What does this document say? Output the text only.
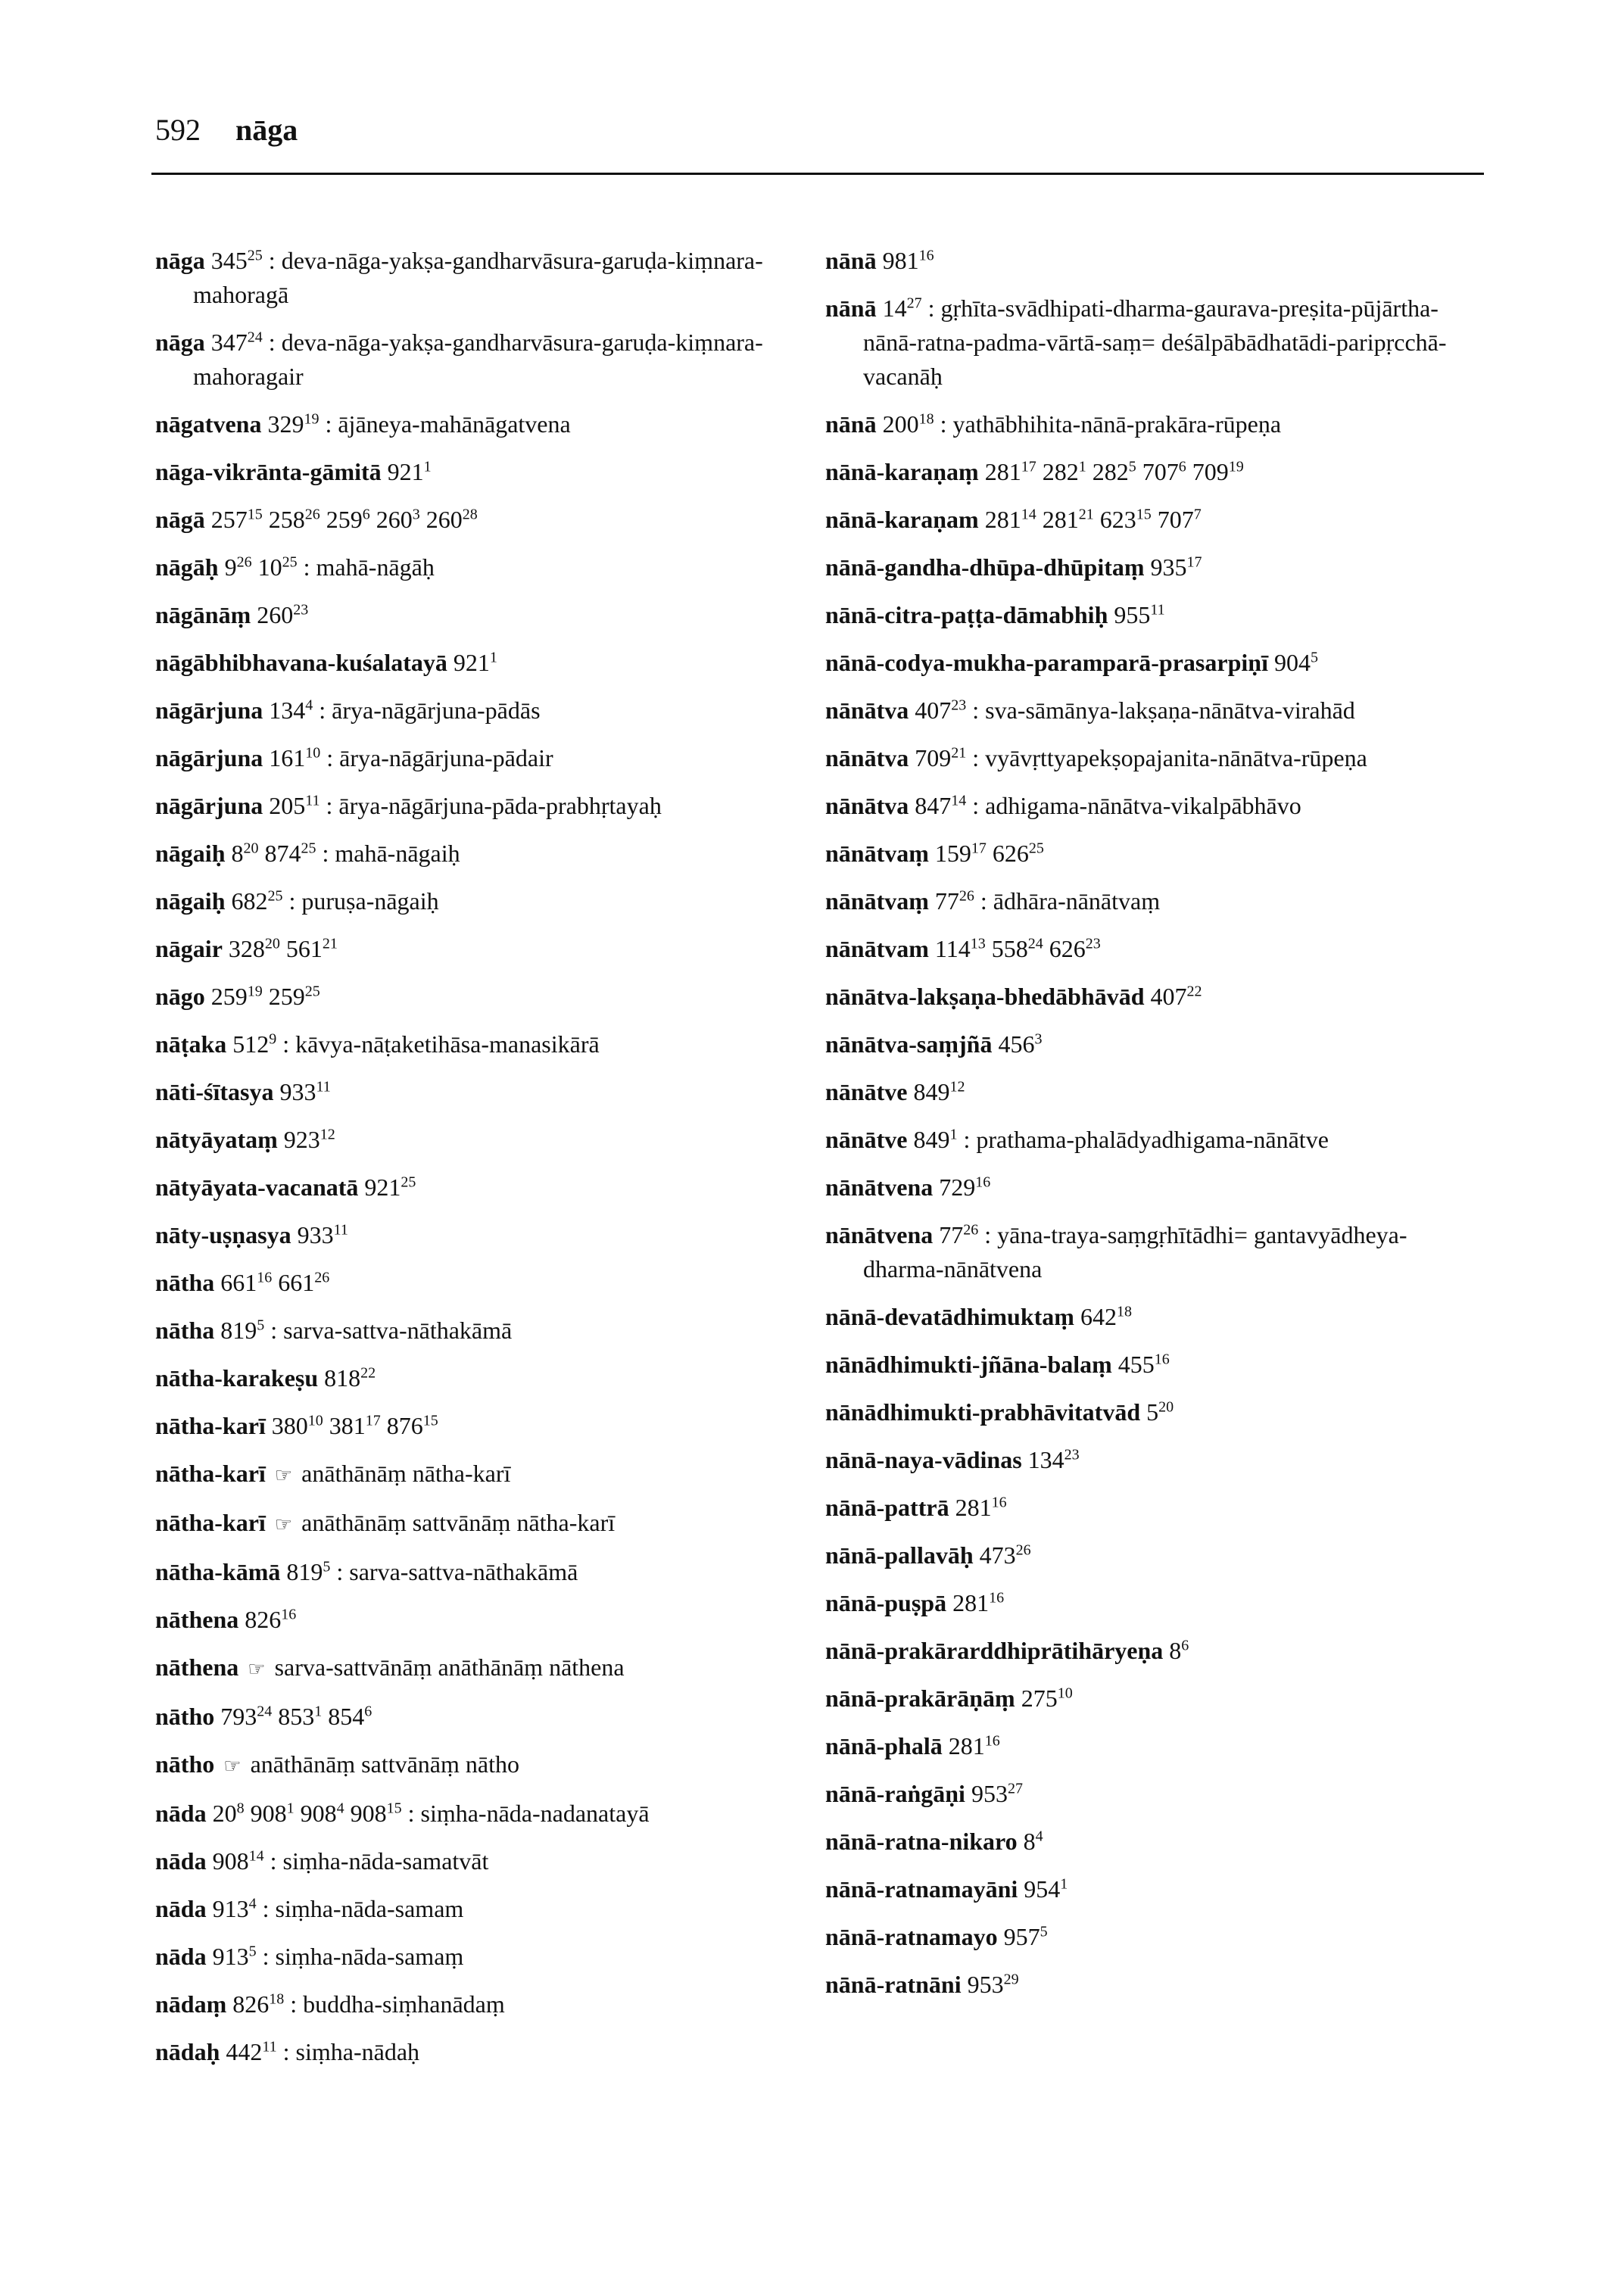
592 nāga
nāga $345^{25}$ : deva-nāga-yakṣa-gandharvāsura-garuḍa-kiṃnara-mahoragā
nāga $347^{24}$ : deva-nāga-yakṣa-gandharvāsura-garuḍa-kiṃnara-mahoragair
nāgatvena $329^{19}$ : ājāneya-mahānāgatvena
nāga-vikrānta-gāmitā $921^1$
nāgā $257^{15}$ $258^{26}$ $259^6$ $260^3$ $260^{28}$
nāgāḥ $9^{26}$ $10^{25}$ : mahā-nāgāḥ
nāgānāṃ $260^{23}$
nāgābhibhavana-kuśalatayā $921^1$
nāgārjuna $134^4$ : ārya-nāgārjuna-pādās
nāgārjuna $161^{10}$ : ārya-nāgārjuna-pādair
nāgārjuna $205^{11}$ : ārya-nāgārjuna-pāda-prabhṛtayaḥ
nāgaiḥ $8^{20}$ $874^{25}$ : mahā-nāgaiḥ
nāgaiḥ $682^{25}$ : puruṣa-nāgaiḥ
nāgair $328^{20}$ $561^{21}$
nāgo $259^{19}$ $259^{25}$
nāṭaka $512^9$ : kāvya-nāṭaketihāsa-manasikārā
nāti-śītasya $933^{11}$
nātyāyataṃ $923^{12}$
nātyāyata-vacanatā $921^{25}$
nāty-uṣṇasya $933^{11}$
nātha $661^{16}$ $661^{26}$
nātha $819^5$ : sarva-sattva-nāthakāmā
nātha-karakeṣu $818^{22}$
nātha-karī $380^{10}$ $381^{17}$ $876^{15}$
nātha-karī ☞ anāthānāṃ nātha-karī
nātha-karī ☞ anāthānāṃ sattvānāṃ nātha-karī
nātha-kāmā $819^5$ : sarva-sattva-nāthakāmā
nāthena $826^{16}$
nāthena ☞ sarva-sattvānāṃ anāthānāṃ nāthena
nātho $793^{24}$ $853^1$ $854^6$
nātho ☞ anāthānāṃ sattvānāṃ nātho
nāda $20^8$ $908^1$ $908^4$ $908^{15}$ : siṃha-nāda-nadanatayā
nāda $908^{14}$ : siṃha-nāda-samatvāt
nāda $913^4$ : siṃha-nāda-samam
nāda $913^5$ : siṃha-nāda-samaṃ
nādaṃ $826^{18}$ : buddha-siṃhanādaṃ
nādaḥ $442^{11}$ : siṃha-nādaḥ
nānā $981^{16}$
nānā $14^{27}$ : gṛhīta-svādhipati-dharma-gaurava-preṣita-pūjārtha-nānā-ratna-padma-vārtā-saṃ= deśālpābādhatādi-paripṛcchā-vacanāḥ
nānā $200^{18}$ : yathābhihita-nānā-prakāra-rūpeṇa
nānā-karaṇaṃ $281^{17}$ $282^1$ $282^5$ $707^6$ $709^{19}$
nānā-karaṇam $281^{14}$ $281^{21}$ $623^{15}$ $707^7$
nānā-gandha-dhūpa-dhūpitaṃ $935^{17}$
nānā-citra-paṭṭa-dāmabhiḥ $955^{11}$
nānā-codya-mukha-paramparā-prasarpiṇī $904^5$
nānātva $407^{23}$ : sva-sāmānya-lakṣaṇa-nānātva-virahād
nānātva $709^{21}$ : vyāvṛttyapekṣopajanita-nānātva-rūpeṇa
nānātva $847^{14}$ : adhigama-nānātva-vikalpābhāvo
nānātvaṃ $159^{17}$ $626^{25}$
nānātvaṃ $77^{26}$ : ādhāra-nānātvaṃ
nānātvam $114^{13}$ $558^{24}$ $626^{23}$
nānātva-lakṣaṇa-bhedābhāvād $407^{22}$
nānātva-saṃjñā $456^3$
nānātve $849^{12}$
nānātve $849^1$ : prathama-phalādyadhigama-nānātve
nānātvena $729^{16}$
nānātvena $77^{26}$ : yāna-traya-saṃgṛhītādhi= gantavyādheya-dharma-nānātvena
nānā-devatādhimuktaṃ $642^{18}$
nānādhimukti-jñāna-balaṃ $455^{16}$
nānādhimukti-prabhāvitatvād $5^{20}$
nānā-naya-vādinas $134^{23}$
nānā-pattrā $281^{16}$
nānā-pallavāḥ $473^{26}$
nānā-puṣpā $281^{16}$
nānā-prakārarddhiprātihāryeṇa $8^6$
nānā-prakārāṇāṃ $275^{10}$
nānā-phalā $281^{16}$
nānā-raṅgāṇi $953^{27}$
nānā-ratna-nikaro $8^4$
nānā-ratnamayāni $954^1$
nānā-ratnamayo $957^5$
nānā-ratnāni $953^{29}$
